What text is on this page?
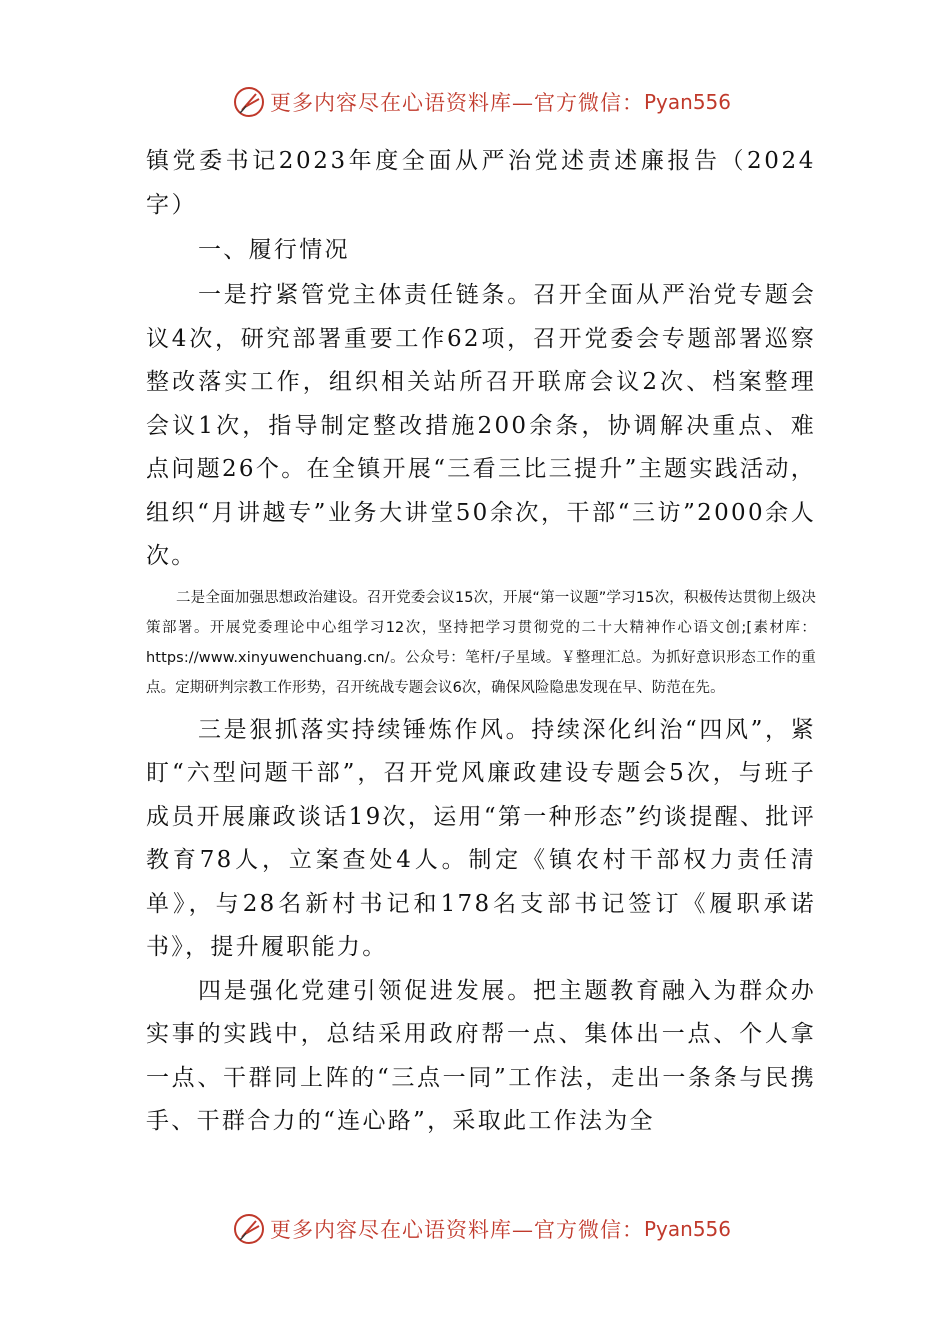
更多内容尽在心语资料库—官方微信： Pyan556

镇党委书记2023年度全面从严治党述责述廉报告（2024字）

一、履行情况

一是拧紧管党主体责任链条。召开全面从严治党专题会议4次，研究部署重要工作62项，召开党委会专题部署巡察整改落实工作，组织相关站所召开联席会议2次、档案整理会议1次，指导制定整改措施200余条，协调解决重点、难点问题26个。在全镇开展“三看三比三提升”主题实践活动，组织“月讲越专”业务大讲堂50余次，干部“三访”2000余人次。

二是全面加强思想政治建设。召开党委会议15次，开展“第一议题”学习15次，积极传达贯彻上级决策部署。开展党委理论中心组学习12次，坚持把学习贯彻党的二十大精神作心语文创;[素材库：https://www.xinyuwenchuang.cn/。公众号：笔杆/子星域。￥整理汇总。为抓好意识形态工作的重点。定期研判宗教工作形势，召开统战专题会议6次，确保风险隐患发现在早、防范在先。

三是狠抓落实持续锤炼作风。持续深化纠治“四风”，紧盯“六型问题干部”，召开党风廉政建设专题会5次，与班子成员开展廉政谈话19次，运用“第一种形态”约谈提醒、批评教育78人，立案查处4人。制定《镇农村干部权力责任清单》，与28名新村书记和178名支部书记签订《履职承诺书》，提升履职能力。

四是强化党建引领促进发展。把主题教育融入为群众办实事的实践中，总结采用政府帮一点、集体出一点、个人拿一点、干群同上阵的“三点一同”工作法，走出一条条与民携手、干群合力的“连心路”，采取此工作法为全

更多内容尽在心语资料库—官方微信： Pyan556
